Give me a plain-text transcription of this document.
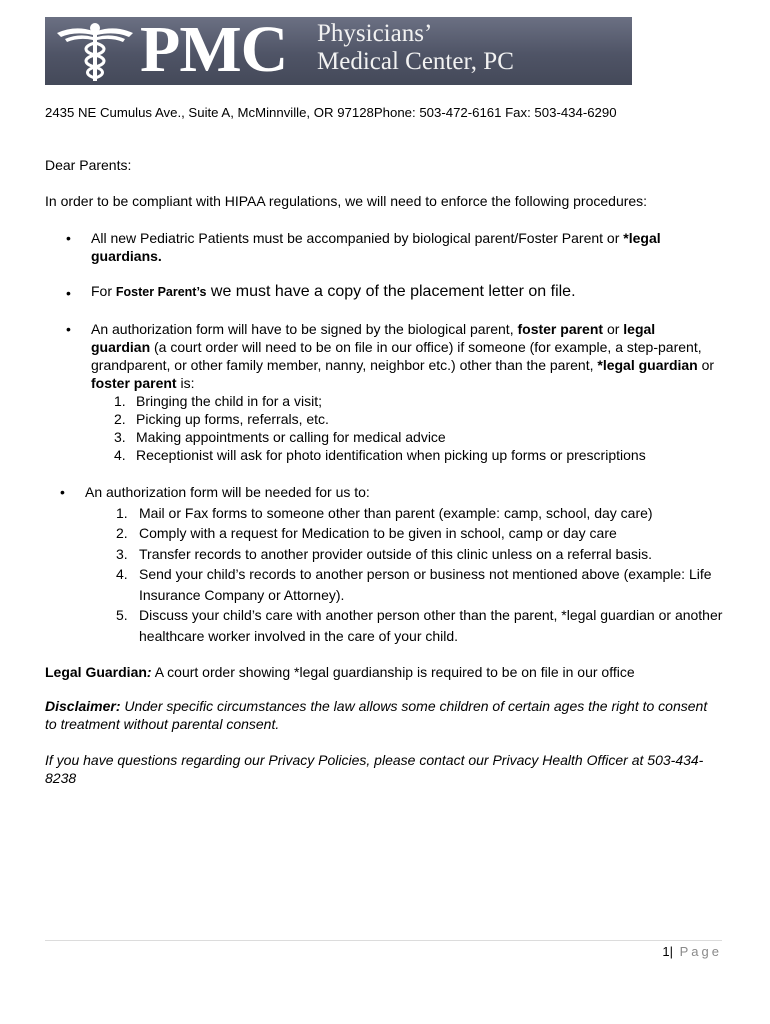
PMC Physicians’
Medical Center, PC
2435 NE Cumulus Ave., Suite A, McMinnville, OR 97128Phone: 503-472-6161 Fax: 503-434-6290
Dear Parents:
In order to be compliant with HIPAA regulations, we will need to enforce the following procedures:
• All new Pediatric Patients must be accompanied by biological parent/Foster Parent or *legal guardians.
• For Foster Parent’s we must have a copy of the placement letter on file.
• An authorization form will have to be signed by the biological parent, foster parent or legal guardian (a court order will need to be on file in our office) if someone (for example, a step-parent, grandparent, or other family member, nanny, neighbor etc.) other than the parent, *legal guardian or foster parent is:
1. Bringing the child in for a visit;
2. Picking up forms, referrals, etc.
3. Making appointments or calling for medical advice
4. Receptionist will ask for photo identification when picking up forms or prescriptions
• An authorization form will be needed for us to:
1. Mail or Fax forms to someone other than parent (example: camp, school, day care)
2. Comply with a request for Medication to be given in school, camp or day care
3. Transfer records to another provider outside of this clinic unless on a referral basis.
4. Send your child’s records to another person or business not mentioned above (example: Life Insurance Company or Attorney).
5. Discuss your child’s care with another person other than the parent, *legal guardian or another healthcare worker involved in the care of your child.
Legal Guardian: A court order showing *legal guardianship is required to be on file in our office
Disclaimer: Under specific circumstances the law allows some children of certain ages the right to consent to treatment without parental consent.
If you have questions regarding our Privacy Policies, please contact our Privacy Health Officer at 503-434-8238
1| Page
